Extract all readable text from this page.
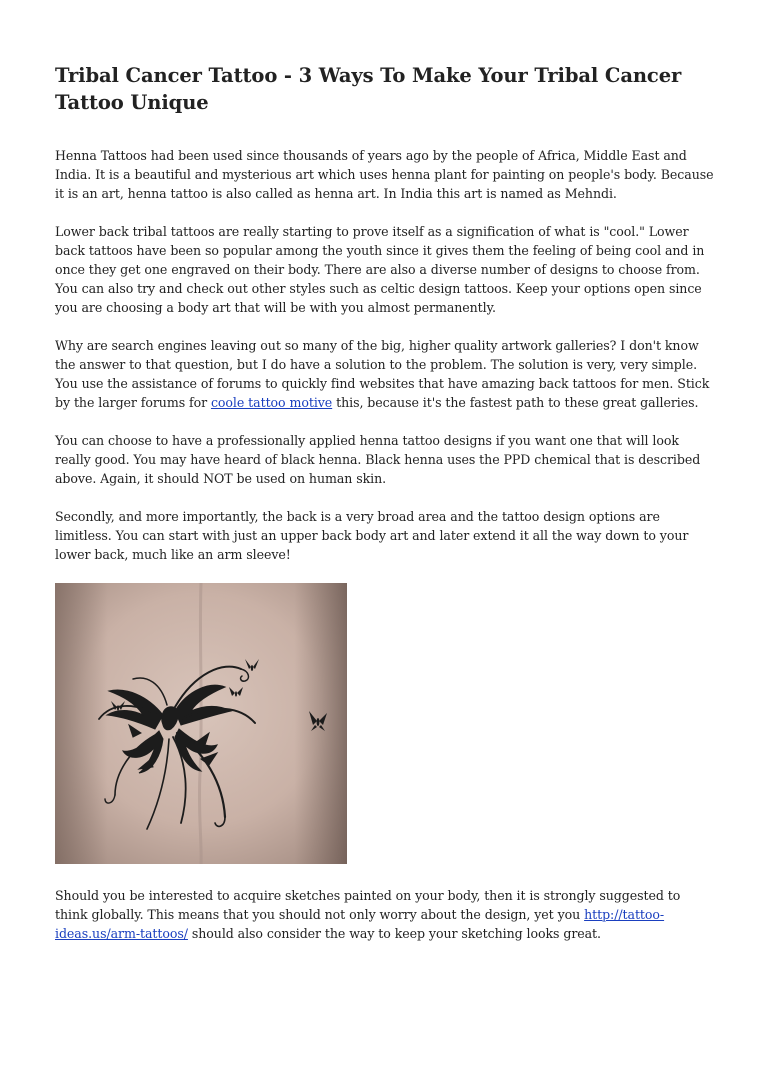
Tribal Cancer Tattoo - 3 Ways To Make Your Tribal Cancer Tattoo Unique

Henna Tattoos had been used since thousands of years ago by the people of Africa, Middle East and India. It is a beautiful and mysterious art which uses henna plant for painting on people's body. Because it is an art, henna tattoo is also called as henna art. In India this art is named as Mehndi.

Lower back tribal tattoos are really starting to prove itself as a signification of what is "cool." Lower back tattoos have been so popular among the youth since it gives them the feeling of being cool and in once they get one engraved on their body. There are also a diverse number of designs to choose from. You can also try and check out other styles such as celtic design tattoos. Keep your options open since you are choosing a body art that will be with you almost permanently.

Why are search engines leaving out so many of the big, higher quality artwork galleries? I don't know the answer to that question, but I do have a solution to the problem. The solution is very, very simple. You use the assistance of forums to quickly find websites that have amazing back tattoos for men. Stick by the larger forums for coole tattoo motive this, because it's the fastest path to these great galleries.

You can choose to have a professionally applied henna tattoo designs if you want one that will look really good. You may have heard of black henna. Black henna uses the PPD chemical that is described above. Again, it should NOT be used on human skin.

Secondly, and more importantly, the back is a very broad area and the tattoo design options are limitless. You can start with just an upper back body art and later extend it all the way down to your lower back, much like an arm sleeve!

Should you be interested to acquire sketches painted on your body, then it is strongly suggested to think globally. This means that you should not only worry about the design, yet you http://tattoo-ideas.us/arm-tattoos/ should also consider the way to keep your sketching looks great.
